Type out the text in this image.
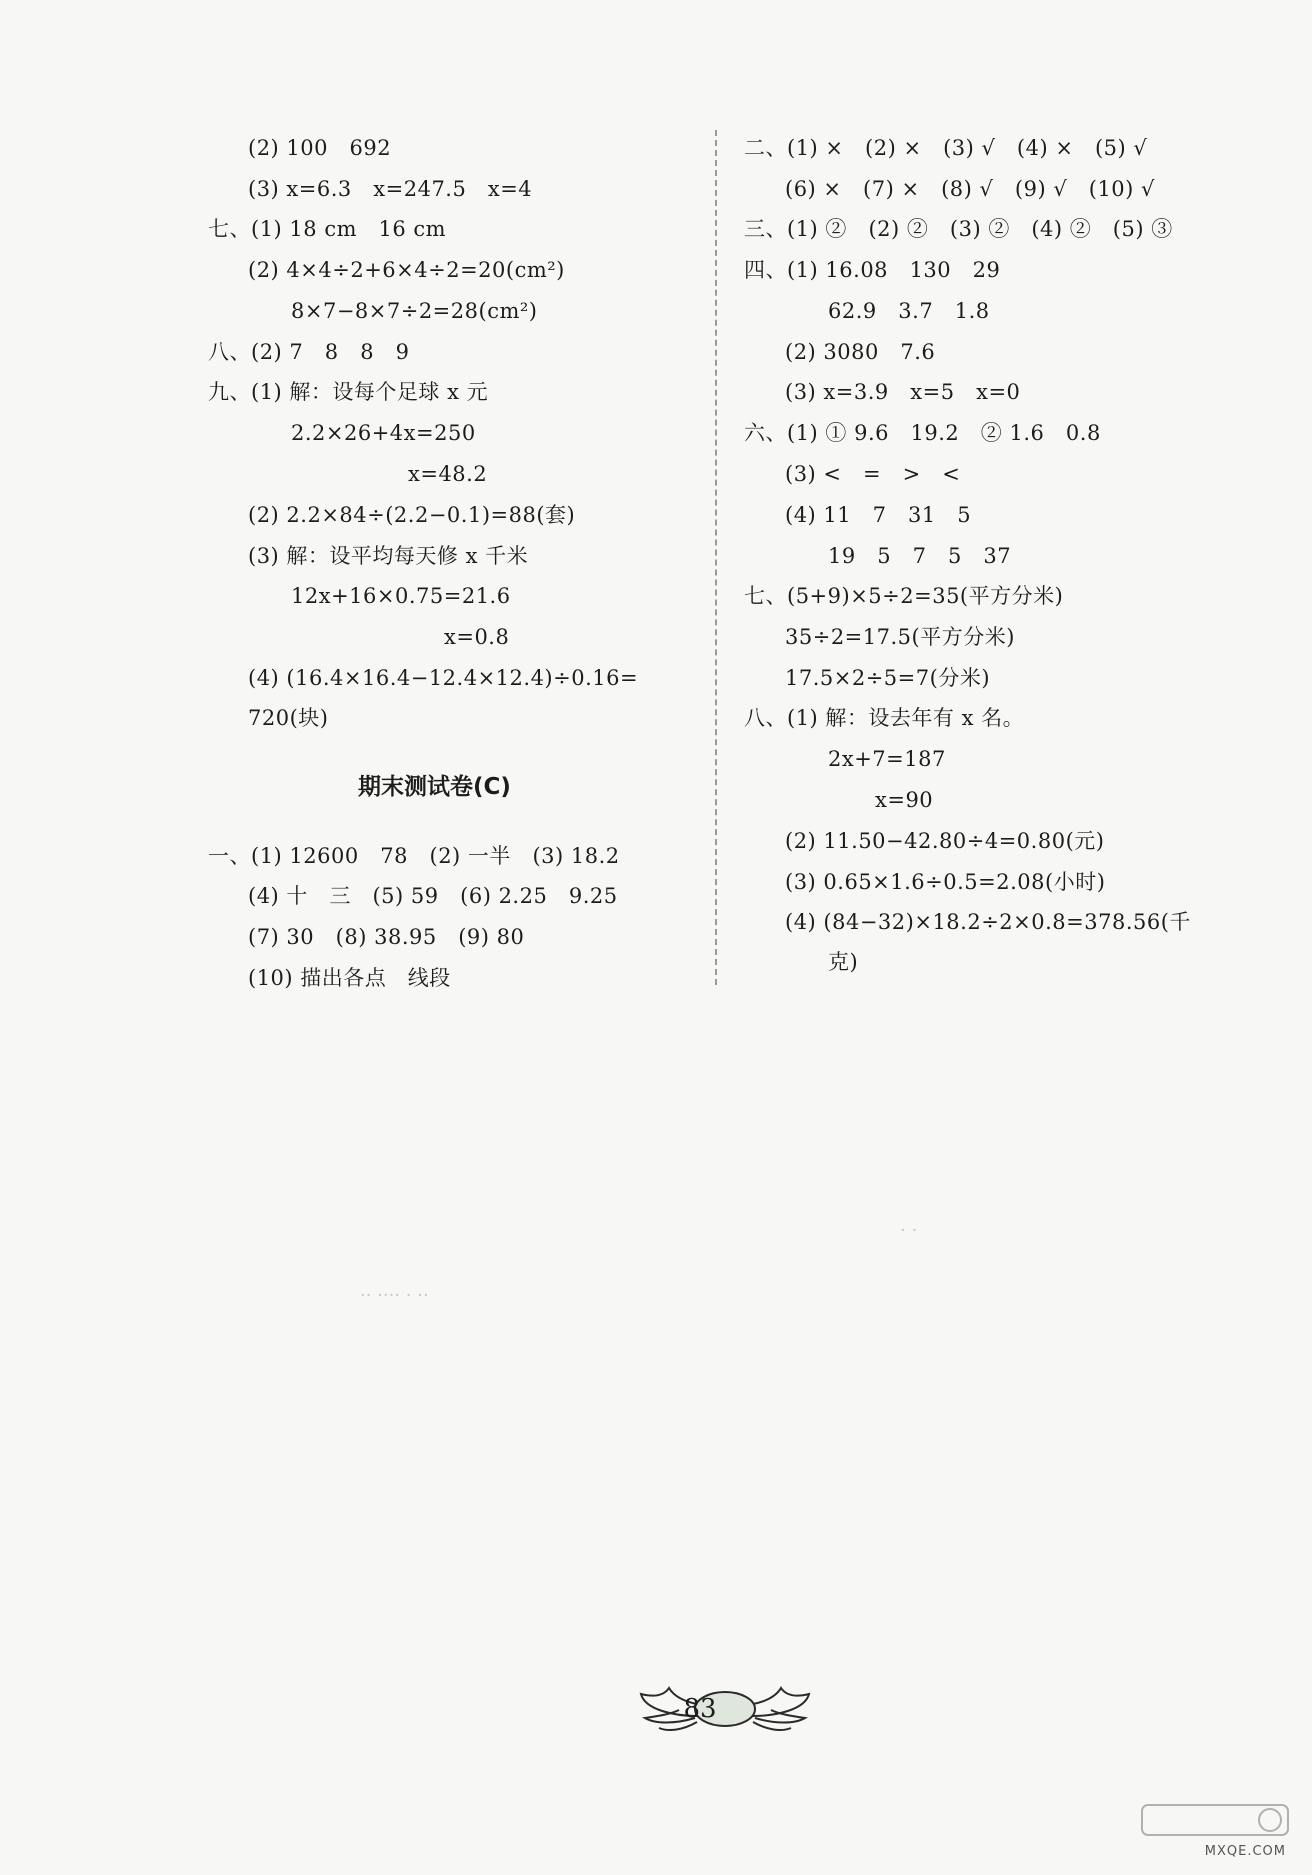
(2) 100   692
(3) x=6.3   x=247.5   x=4
七、(1) 18 cm   16 cm
(2) 4×4÷2+6×4÷2=20(cm²)
8×7−8×7÷2=28(cm²)
八、(2) 7   8   8   9
九、(1) 解：设每个足球 x 元
2.2×26+4x=250
x=48.2
(2) 2.2×84÷(2.2−0.1)=88(套)
(3) 解：设平均每天修 x 千米
12x+16×0.75=21.6
x=0.8
(4) (16.4×16.4−12.4×12.4)÷0.16=
720(块)
期末测试卷(C)
一、(1) 12600   78   (2) 一半   (3) 18.2
(4) 十   三   (5) 59   (6) 2.25   9.25
(7) 30   (8) 38.95   (9) 80
(10) 描出各点   线段
二、(1) ×   (2) ×   (3) √   (4) ×   (5) √
(6) ×   (7) ×   (8) √   (9) √   (10) √
三、(1) ②   (2) ②   (3) ②   (4) ②   (5) ③
四、(1) 16.08   130   29
62.9   3.7   1.8
(2) 3080   7.6
(3) x=3.9   x=5   x=0
六、(1) ① 9.6   19.2   ② 1.6   0.8
(3) <   =   >   <
(4) 11   7   31   5
19   5   7   5   37
七、(5+9)×5÷2=35(平方分米)
35÷2=17.5(平方分米)
17.5×2÷5=7(分米)
八、(1) 解：设去年有 x 名。
2x+7=187
x=90
(2) 11.50−42.80÷4=0.80(元)
(3) 0.65×1.6÷0.5=2.08(小时)
(4) (84−32)×18.2÷2×0.8=378.56(千
克)
·· ···· · ··
· ·
83
MXQE.COM
